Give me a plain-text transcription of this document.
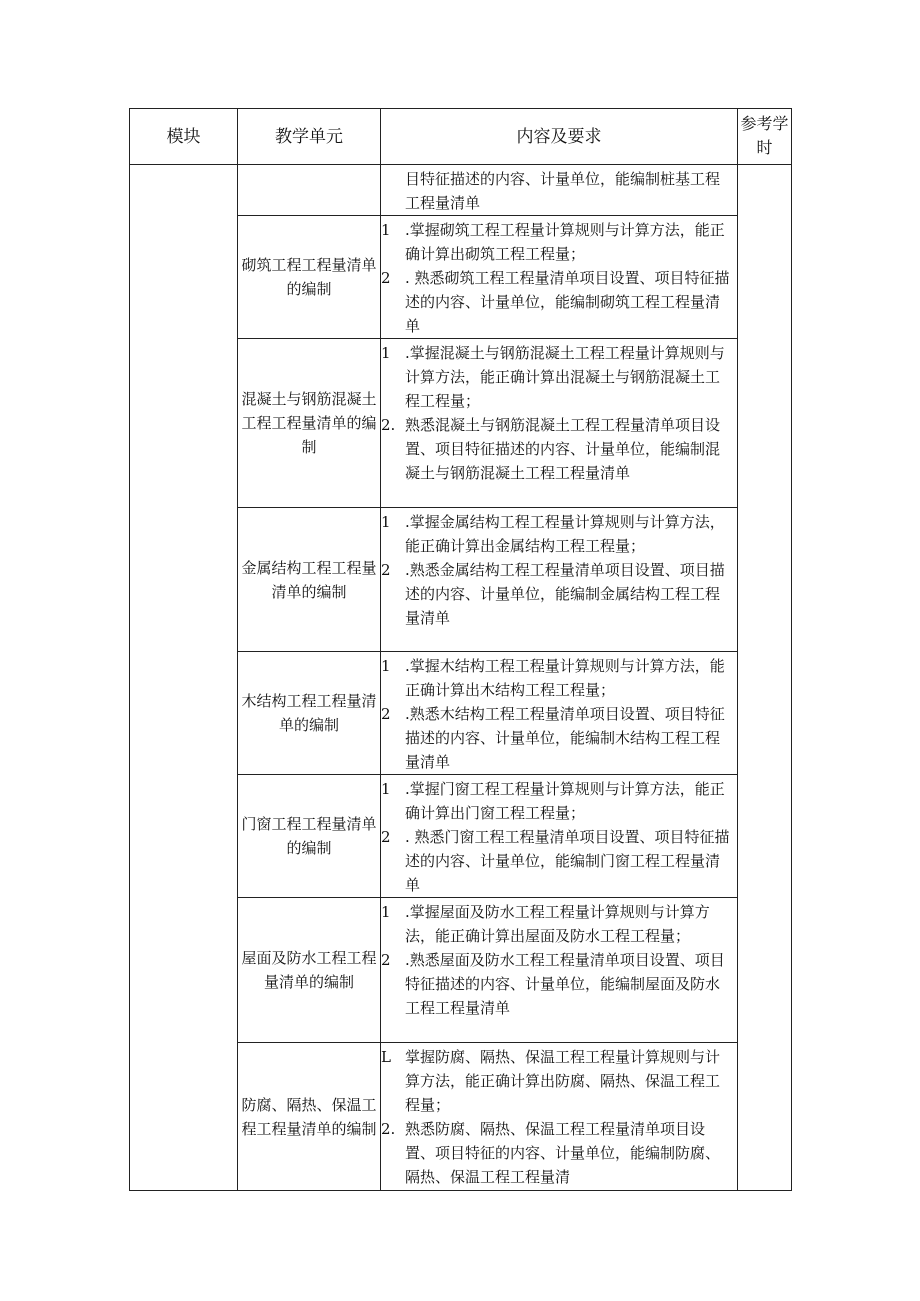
模块	教学单元	内容及要求	参考学时

		目特征描述的内容、计量单位，能编制桩基工程工程量清单	

	砌筑工程工程量清单的编制	1 .掌握砌筑工程工程量计算规则与计算方法，能正确计算出砌筑工程工程量；
2 . 熟悉砌筑工程工程量清单项目设置、项目特征描述的内容、计量单位，能编制砌筑工程工程量清单	

	混凝土与钢筋混凝土工程工程量清单的编制	1 .掌握混凝土与钢筋混凝土工程工程量计算规则与计算方法，能正确计算出混凝土与钢筋混凝土工程工程量；
2. 熟悉混凝土与钢筋混凝土工程工程量清单项目设置、项目特征描述的内容、计量单位，能编制混凝土与钢筋混凝土工程工程量清单	

	金属结构工程工程量清单的编制	1 .掌握金属结构工程工程量计算规则与计算方法，能正确计算出金属结构工程工程量；
2 .熟悉金属结构工程工程量清单项目设置、项目描述的内容、计量单位，能编制金属结构工程工程量清单	

	木结构工程工程量清单的编制	1 .掌握木结构工程工程量计算规则与计算方法，能正确计算出木结构工程工程量；
2 .熟悉木结构工程工程量清单项目设置、项目特征描述的内容、计量单位，能编制木结构工程工程量清单	

	门窗工程工程量清单的编制	1 .掌握门窗工程工程量计算规则与计算方法，能正确计算出门窗工程工程量；
2 . 熟悉门窗工程工程量清单项目设置、项目特征描述的内容、计量单位，能编制门窗工程工程量清单	

	屋面及防水工程工程量清单的编制	1 .掌握屋面及防水工程工程量计算规则与计算方法，能正确计算出屋面及防水工程工程量；
2 .熟悉屋面及防水工程工程量清单项目设置、项目特征描述的内容、计量单位，能编制屋面及防水工程工程量清单	

	防腐、隔热、保温工程工程量清单的编制	L 掌握防腐、隔热、保温工程工程量计算规则与计算方法，能正确计算出防腐、隔热、保温工程工程量；
2. 熟悉防腐、隔热、保温工程工程量清单项目设置、项目特征的内容、计量单位，能编制防腐、隔热、保温工程工程量清	
